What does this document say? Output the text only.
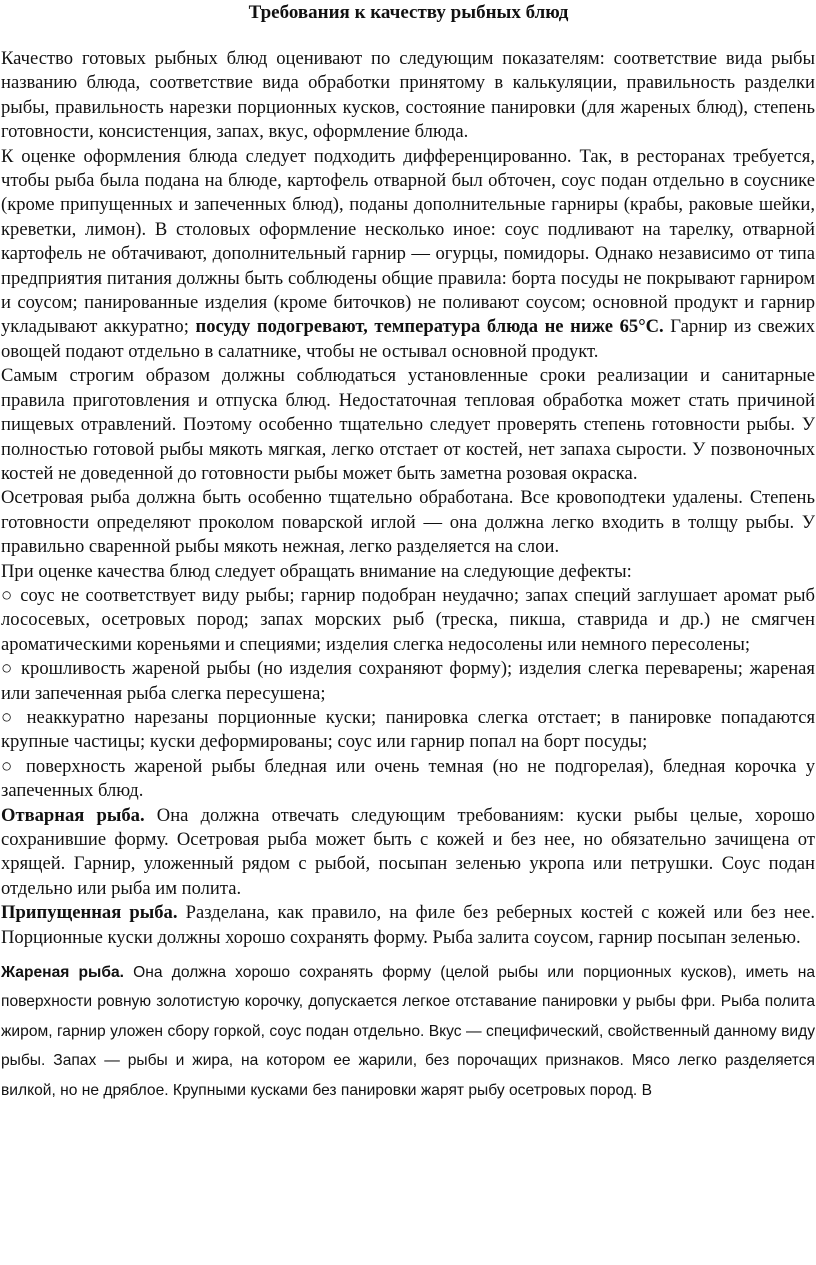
Требования к качеству рыбных блюд

Качество готовых рыбных блюд оценивают по следующим показателям: соответствие вида рыбы названию блюда, соответствие вида обработки принятому в калькуляции, правильность разделки рыбы, правильность нарезки порционных кусков, состояние панировки (для жареных блюд), степень готовности, консистенция, запах, вкус, оформление блюда.

К оценке оформления блюда следует подходить дифференцированно. Так, в ресторанах требуется, чтобы рыба была подана на блюде, картофель отварной был обточен, соус подан отдельно в соуснике (кроме припущенных и запеченных блюд), поданы дополнительные гарниры (крабы, раковые шейки, креветки, лимон). В столовых оформление несколько иное: соус подливают на тарелку, отварной картофель не обтачивают, дополнительный гарнир — огурцы, помидоры. Однако независимо от типа предприятия питания должны быть соблюдены общие правила: борта посуды не покрывают гарниром и соусом; панированные изделия (кроме биточков) не поливают соусом; основной продукт и гарнир укладывают аккуратно; посуду подогревают, температура блюда не ниже 65°С. Гарнир из свежих овощей подают отдельно в салатнике, чтобы не остывал основной продукт.

Самым строгим образом должны соблюдаться установленные сроки реализации и санитарные правила приготовления и отпуска блюд. Недостаточная тепловая обработка может стать причиной пищевых отравлений. Поэтому особенно тщательно следует проверять степень готовности рыбы. У полностью готовой рыбы мякоть мягкая, легко отстает от костей, нет запаха сырости. У позвоночных костей не доведенной до готовности рыбы может быть заметна розовая окраска.

Осетровая рыба должна быть особенно тщательно обработана. Все кровоподтеки удалены. Степень готовности определяют проколом поварской иглой — она должна легко входить в толщу рыбы. У правильно сваренной рыбы мякоть нежная, легко разделяется на слои.

При оценке качества блюд следует обращать внимание на следующие дефекты:

○ соус не соответствует виду рыбы; гарнир подобран неудачно; запах специй заглушает аромат рыб лососевых, осетровых пород; запах морских рыб (треска, пикша, ставрида и др.) не смягчен ароматическими кореньями и специями; изделия слегка недосолены или немного пересолены;

○ крошливость жареной рыбы (но изделия сохраняют форму); изделия слегка переварены; жареная или запеченная рыба слегка пересушена;

○ неаккуратно нарезаны порционные куски; панировка слегка отстает; в панировке попадаются крупные частицы; куски деформированы; соус или гарнир попал на борт посуды;

○ поверхность жареной рыбы бледная или очень темная (но не подгорелая), бледная корочка у запеченных блюд.

Отварная рыба. Она должна отвечать следующим требованиям: куски рыбы целые, хорошо сохранившие форму. Осетровая рыба может быть с кожей и без нее, но обязательно зачищена от хрящей. Гарнир, уложенный рядом с рыбой, посыпан зеленью укропа или петрушки. Соус подан отдельно или рыба им полита.

Припущенная рыба. Разделана, как правило, на филе без реберных костей с кожей или без нее. Порционные куски должны хорошо сохранять форму. Рыба залита соусом, гарнир посыпан зеленью.

Жареная рыба. Она должна хорошо сохранять форму (целой рыбы или порционных кусков), иметь на поверхности ровную золотистую корочку, допускается легкое отставание панировки у рыбы фри. Рыба полита жиром, гарнир уложен сбору горкой, соус подан отдельно. Вкус — специфический, свойственный данному виду рыбы. Запах — рыбы и жира, на котором ее жарили, без порочащих признаков. Мясо легко разделяется вилкой, но не дряблое. Крупными кусками без панировки жарят рыбу осетровых пород. В
